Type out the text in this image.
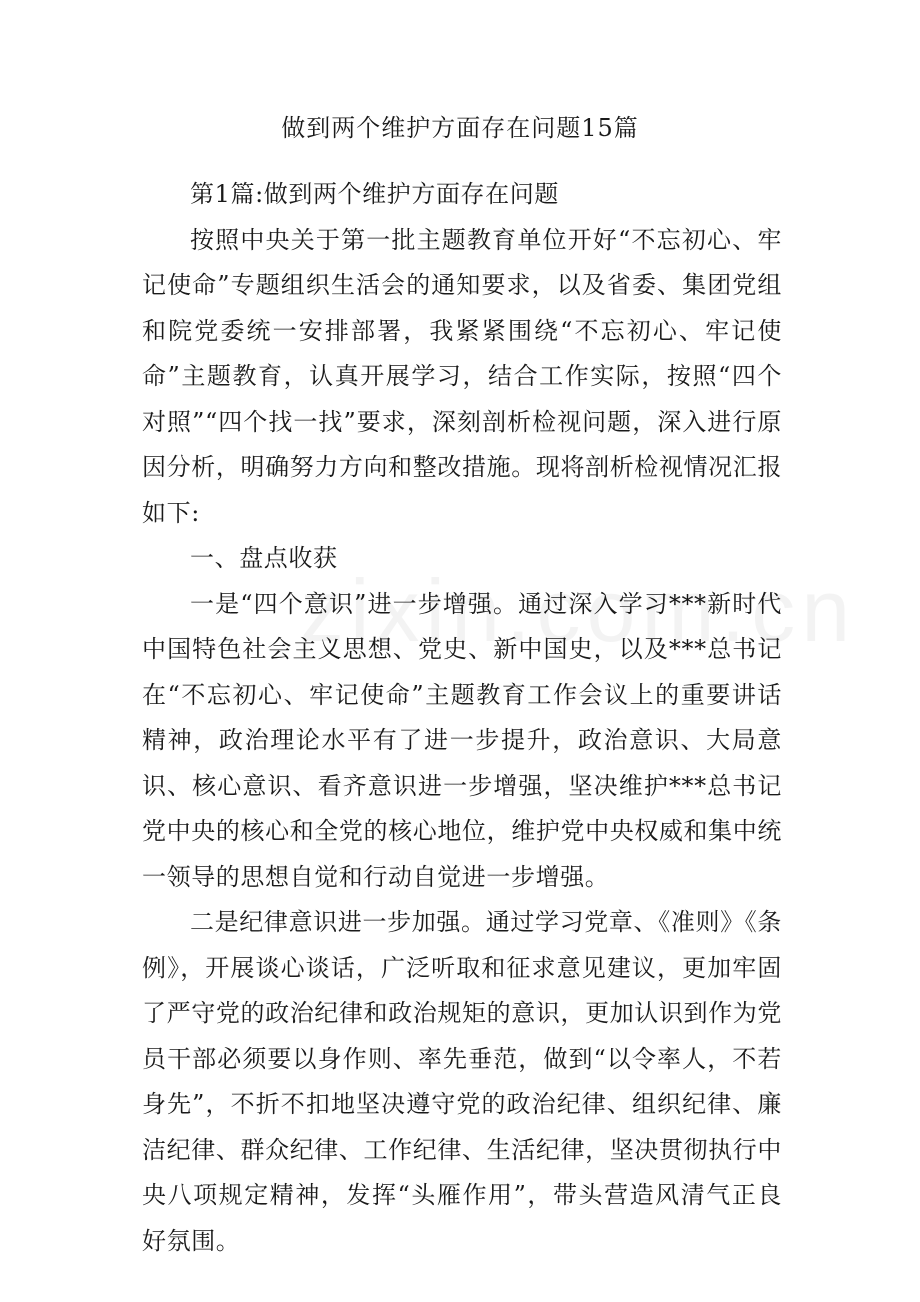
做到两个维护方面存在问题15篇

第1篇:做到两个维护方面存在问题

按照中央关于第一批主题教育单位开好“不忘初心、牢记使命”专题组织生活会的通知要求，以及省委、集团党组和院党委统一安排部署，我紧紧围绕“不忘初心、牢记使命”主题教育，认真开展学习，结合工作实际，按照“四个对照”“四个找一找”要求，深刻剖析检视问题，深入进行原因分析，明确努力方向和整改措施。现将剖析检视情况汇报如下:

一、盘点收获

一是“四个意识”进一步增强。通过深入学习***新时代中国特色社会主义思想、党史、新中国史，以及***总书记在“不忘初心、牢记使命”主题教育工作会议上的重要讲话精神，政治理论水平有了进一步提升，政治意识、大局意识、核心意识、看齐意识进一步增强，坚决维护***总书记党中央的核心和全党的核心地位，维护党中央权威和集中统一领导的思想自觉和行动自觉进一步增强。

二是纪律意识进一步加强。通过学习党章、《准则》《条例》，开展谈心谈话，广泛听取和征求意见建议，更加牢固了严守党的政治纪律和政治规矩的意识，更加认识到作为党员干部必须要以身作则、率先垂范，做到“以令率人，不若身先”，不折不扣地坚决遵守党的政治纪律、组织纪律、廉洁纪律、群众纪律、工作纪律、生活纪律，坚决贯彻执行中央八项规定精神，发挥“头雁作用”，带头营造风清气正良好氛围。
